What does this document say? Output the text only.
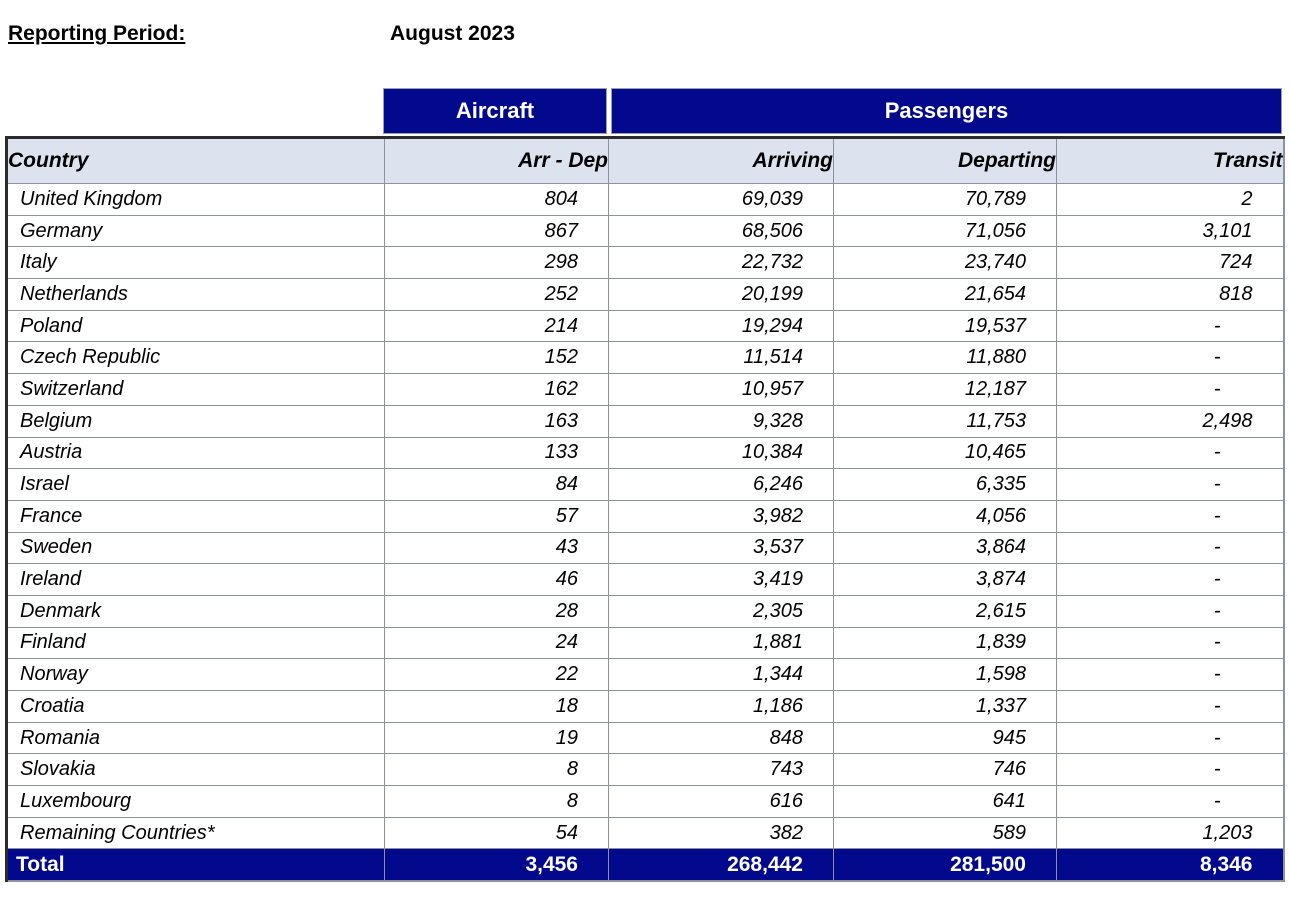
Reporting Period:	August 2023
Aircraft	Passengers
Country	Arr - Dep	Arriving	Departing	Transit
United Kingdom	804	69,039	70,789	2
Germany	867	68,506	71,056	3,101
Italy	298	22,732	23,740	724
Netherlands	252	20,199	21,654	818
Poland	214	19,294	19,537	-
Czech Republic	152	11,514	11,880	-
Switzerland	162	10,957	12,187	-
Belgium	163	9,328	11,753	2,498
Austria	133	10,384	10,465	-
Israel	84	6,246	6,335	-
France	57	3,982	4,056	-
Sweden	43	3,537	3,864	-
Ireland	46	3,419	3,874	-
Denmark	28	2,305	2,615	-
Finland	24	1,881	1,839	-
Norway	22	1,344	1,598	-
Croatia	18	1,186	1,337	-
Romania	19	848	945	-
Slovakia	8	743	746	-
Luxembourg	8	616	641	-
Remaining Countries*	54	382	589	1,203
Total	3,456	268,442	281,500	8,346
